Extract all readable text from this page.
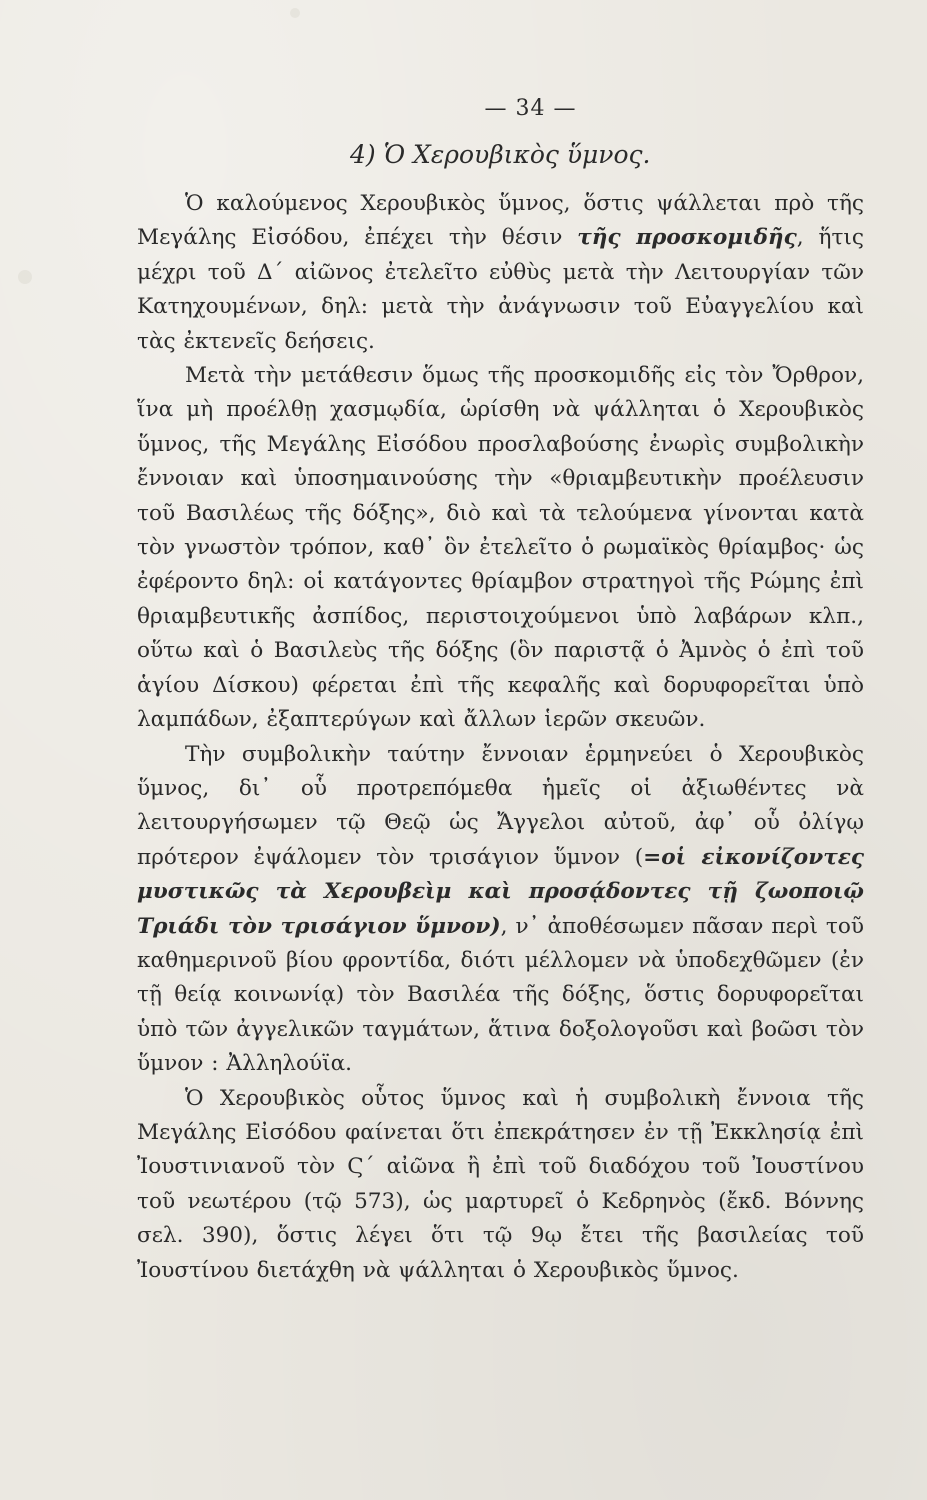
— 34 —
4) Ὁ Χερουβικὸς ὕμνος.

Ὁ καλούμενος Χερουβικὸς ὕμνος, ὅστις ψάλλεται πρὸ τῆς Μεγάλης Εἰσόδου, ἐπέχει τὴν θέσιν τῆς προσκομιδῆς, ἥτις μέχρι τοῦ Δ΄ αἰῶνος ἐτελεῖτο εὐθὺς μετὰ τὴν Λειτουργίαν τῶν Κατηχουμένων, δηλ: μετὰ τὴν ἀνάγνωσιν τοῦ Εὐαγγελίου καὶ τὰς ἐκτενεῖς δεήσεις.

Μετὰ τὴν μετάθεσιν ὅμως τῆς προσκομιδῆς εἰς τὸν Ὄρθρον, ἵνα μὴ προέλθῃ χασμῳδία, ὡρίσθη νὰ ψάλληται ὁ Χερουβικὸς ὕμνος, τῆς Μεγάλης Εἰσόδου προσλαβούσης ἐνωρὶς συμβολικὴν ἔννοιαν καὶ ὑποσημαινούσης τὴν «θριαμβευτικὴν προέλευσιν τοῦ Βασιλέως τῆς δόξης», διὸ καὶ τὰ τελούμενα γίνονται κατὰ τὸν γνωστὸν τρόπον, καθ᾽ ὃν ἐτελεῖτο ὁ ρωμαϊκὸς θρίαμβος· ὡς ἐφέροντο δηλ: οἱ κατάγοντες θρίαμβον στρατηγοὶ τῆς Ρώμης ἐπὶ θριαμβευτικῆς ἀσπίδος, περιστοιχούμενοι ὑπὸ λαβάρων κλπ., οὕτω καὶ ὁ Βασιλεὺς τῆς δόξης (ὃν παριστᾷ ὁ Ἀμνὸς ὁ ἐπὶ τοῦ ἁγίου Δίσκου) φέρεται ἐπὶ τῆς κεφαλῆς καὶ δορυφορεῖται ὑπὸ λαμπάδων, ἐξαπτερύγων καὶ ἄλλων ἱερῶν σκευῶν.

Τὴν συμβολικὴν ταύτην ἔννοιαν ἑρμηνεύει ὁ Χερουβικὸς ὕμνος, δι᾽ οὗ προτρεπόμεθα ἡμεῖς οἱ ἀξιωθέντες νὰ λειτουργήσωμεν τῷ Θεῷ ὡς Ἄγγελοι αὐτοῦ, ἀφ᾽ οὗ ὀλίγῳ πρότερον ἐψάλομεν τὸν τρισάγιον ὕμνον (=οἱ εἰκονίζοντες μυστικῶς τὰ Χερουβεὶμ καὶ προσᾴδοντες τῇ ζωοποιῷ Τριάδι τὸν τρισάγιον ὕμνον), ν᾽ ἀποθέσωμεν πᾶσαν περὶ τοῦ καθημερινοῦ βίου φροντίδα, διότι μέλλομεν νὰ ὑποδεχθῶμεν (ἐν τῇ θείᾳ κοινωνίᾳ) τὸν Βασιλέα τῆς δόξης, ὅστις δορυφορεῖται ὑπὸ τῶν ἀγγελικῶν ταγμάτων, ἅτινα δοξολογοῦσι καὶ βοῶσι τὸν ὕμνον : Ἀλληλούϊα.

Ὁ Χερουβικὸς οὗτος ὕμνος καὶ ἡ συμβολικὴ ἔννοια τῆς Μεγάλης Εἰσόδου φαίνεται ὅτι ἐπεκράτησεν ἐν τῇ Ἐκκλησίᾳ ἐπὶ Ἰουστινιανοῦ τὸν Ϛ΄ αἰῶνα ἢ ἐπὶ τοῦ διαδόχου τοῦ Ἰουστίνου τοῦ νεωτέρου (τῷ 573), ὡς μαρτυρεῖ ὁ Κεδρηνὸς (ἔκδ. Βόννης σελ. 390), ὅστις λέγει ὅτι τῷ 9ῳ ἔτει τῆς βασιλείας τοῦ Ἰουστίνου διετάχθη νὰ ψάλληται ὁ Χερουβικὸς ὕμνος.
